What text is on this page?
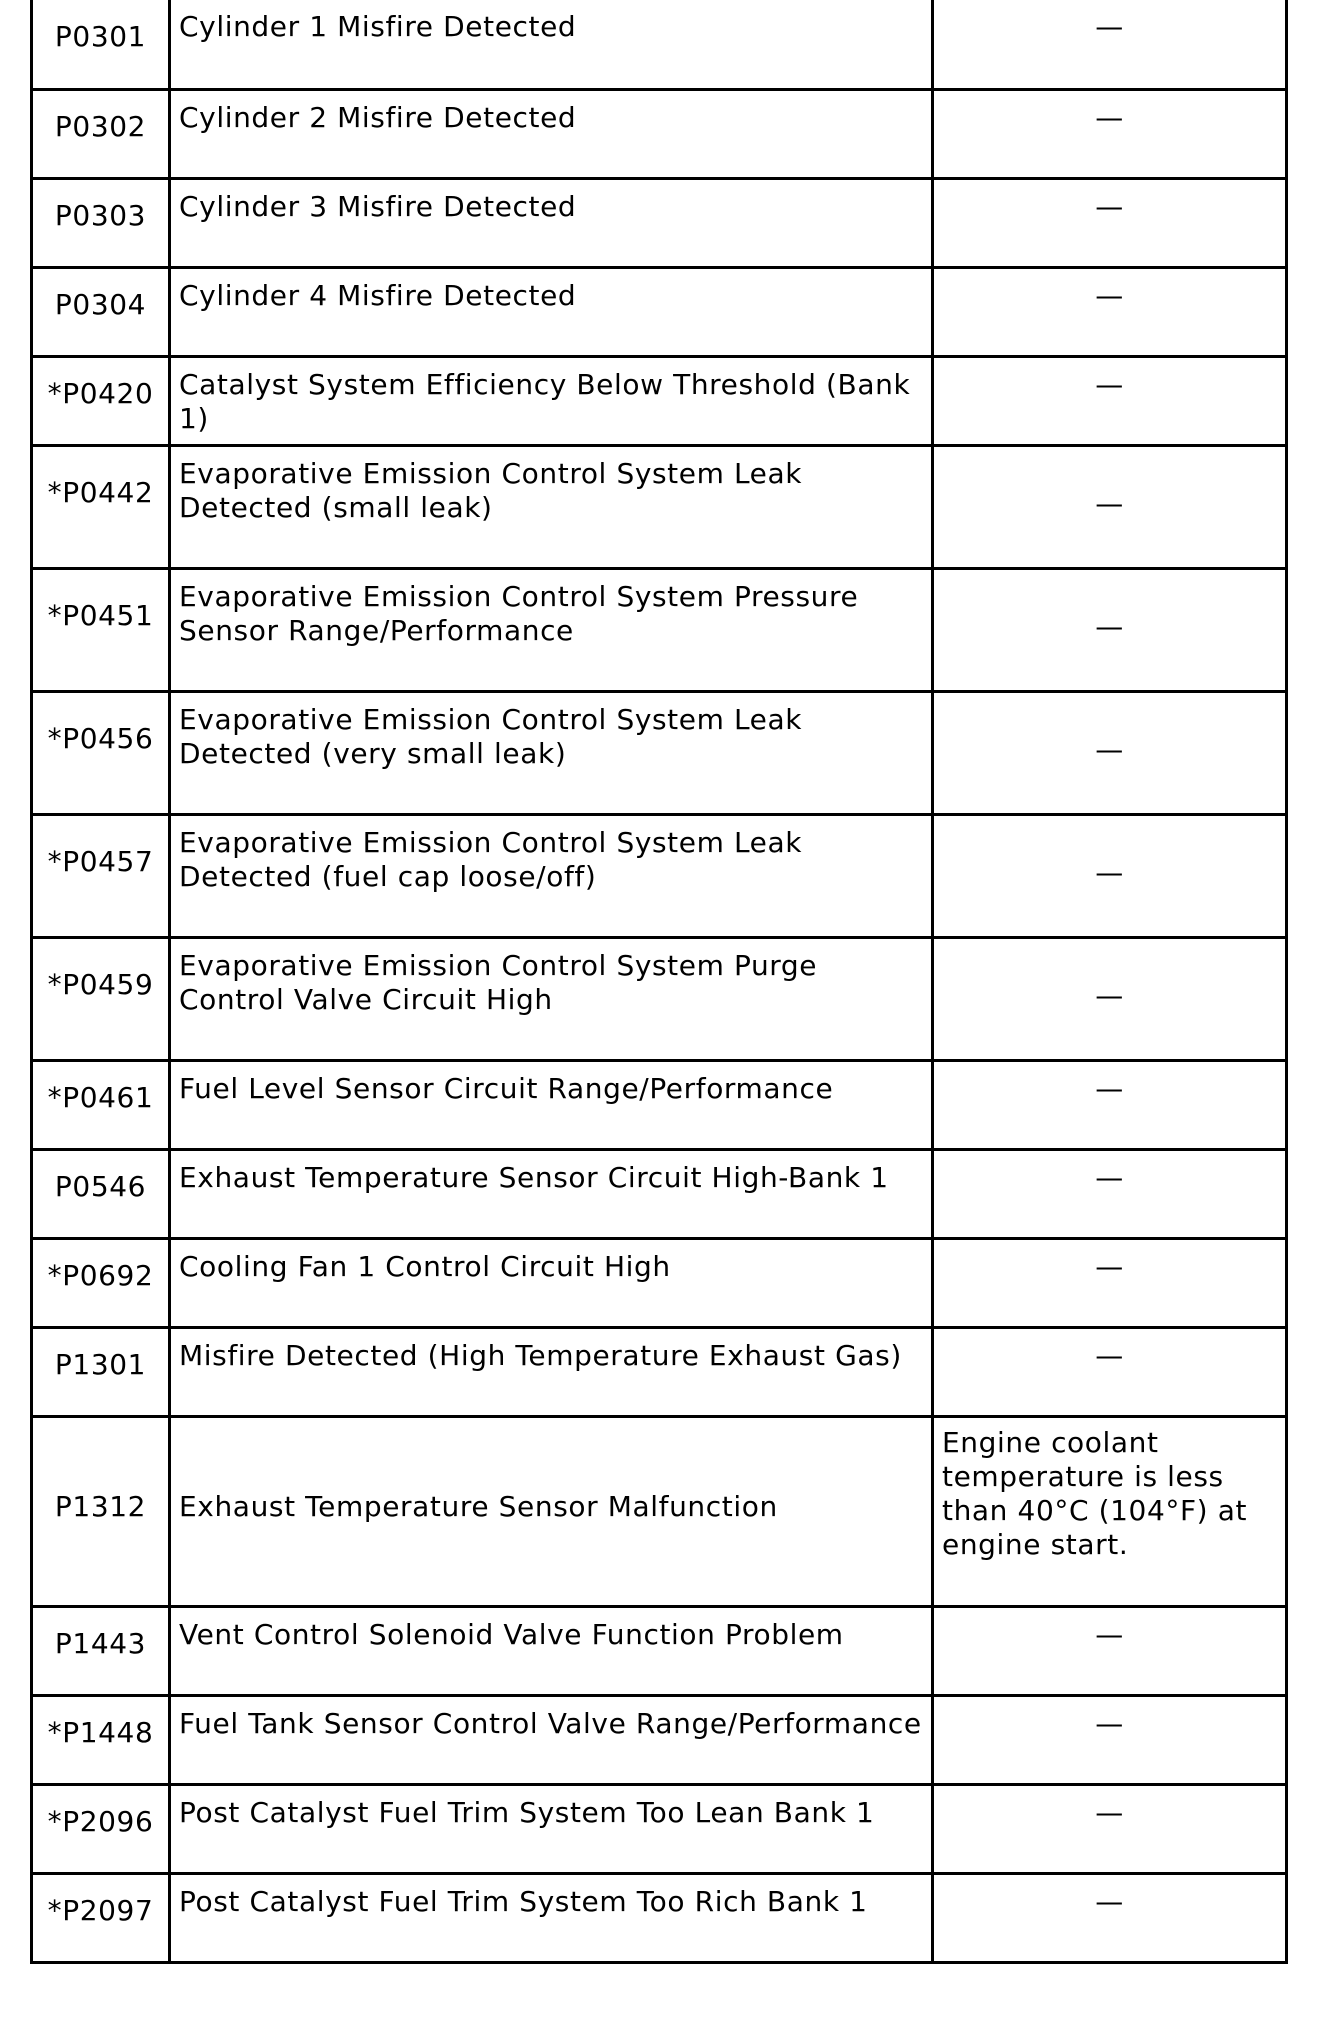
P0301	Cylinder 1 Misfire Detected	—
P0302	Cylinder 2 Misfire Detected	—
P0303	Cylinder 3 Misfire Detected	—
P0304	Cylinder 4 Misfire Detected	—
*P0420	Catalyst System Efficiency Below Threshold (Bank 1)	—
*P0442	Evaporative Emission Control System Leak Detected (small leak)	—
*P0451	Evaporative Emission Control System Pressure Sensor Range/Performance	—
*P0456	Evaporative Emission Control System Leak Detected (very small leak)	—
*P0457	Evaporative Emission Control System Leak Detected (fuel cap loose/off)	—
*P0459	Evaporative Emission Control System Purge Control Valve Circuit High	—
*P0461	Fuel Level Sensor Circuit Range/Performance	—
P0546	Exhaust Temperature Sensor Circuit High-Bank 1	—
*P0692	Cooling Fan 1 Control Circuit High	—
P1301	Misfire Detected (High Temperature Exhaust Gas)	—
P1312	Exhaust Temperature Sensor Malfunction	Engine coolant temperature is less than 40°C (104°F) at engine start.
P1443	Vent Control Solenoid Valve Function Problem	—
*P1448	Fuel Tank Sensor Control Valve Range/Performance	—
*P2096	Post Catalyst Fuel Trim System Too Lean Bank 1	—
*P2097	Post Catalyst Fuel Trim System Too Rich Bank 1	—
